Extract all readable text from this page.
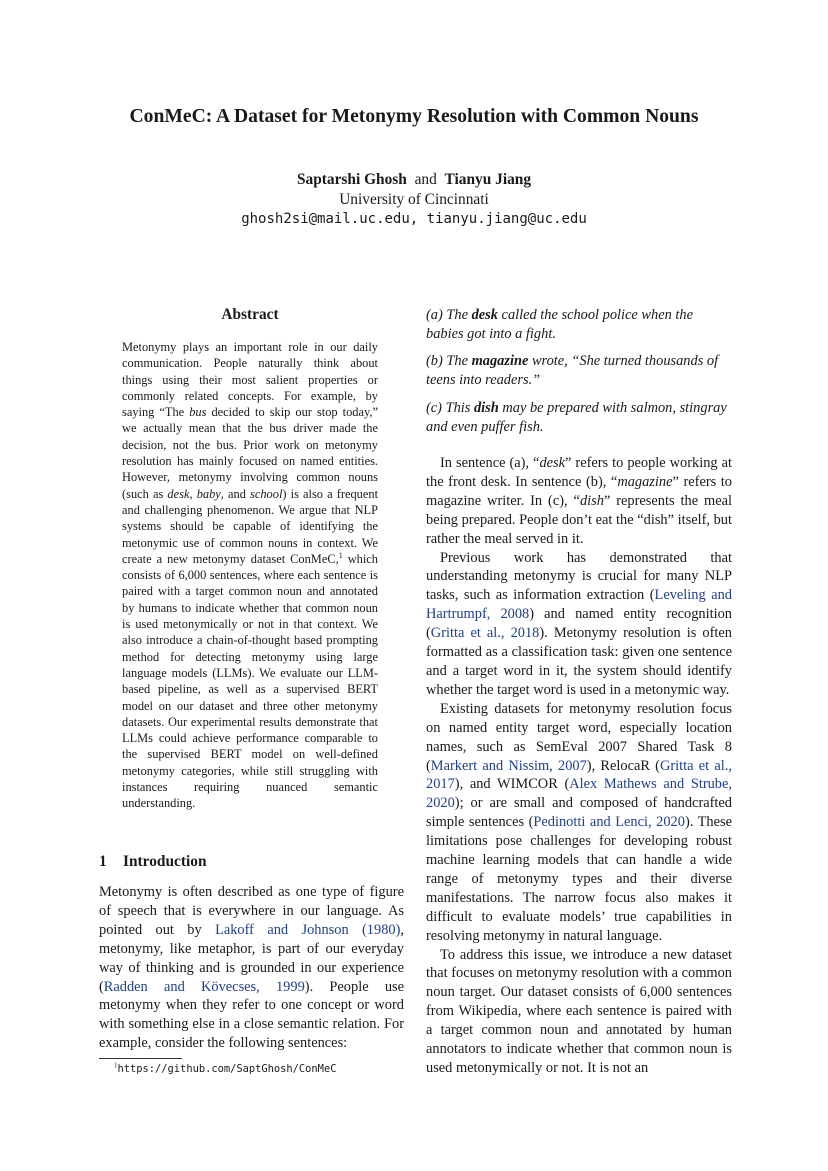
ConMeC: A Dataset for Metonymy Resolution with Common Nouns
Saptarshi Ghosh and Tianyu Jiang
University of Cincinnati
ghosh2si@mail.uc.edu, tianyu.jiang@uc.edu
Abstract
Metonymy plays an important role in our daily communication. People naturally think about things using their most salient properties or commonly related concepts. For example, by saying “The bus decided to skip our stop today,” we actually mean that the bus driver made the decision, not the bus. Prior work on metonymy resolution has mainly focused on named entities. However, metonymy involving common nouns (such as desk, baby, and school) is also a frequent and challenging phenomenon. We argue that NLP systems should be capable of identifying the metonymic use of common nouns in context. We create a new metonymy dataset ConMeC,$^1$ which consists of 6,000 sentences, where each sentence is paired with a target common noun and annotated by humans to indicate whether that common noun is used metonymically or not in that context. We also introduce a chain-of-thought based prompting method for detecting metonymy using large language models (LLMs). We evaluate our LLM-based pipeline, as well as a supervised BERT model on our dataset and three other metonymy datasets. Our experimental results demonstrate that LLMs could achieve performance comparable to the supervised BERT model on well-defined metonymy categories, while still struggling with instances requiring nuanced semantic understanding.
1 Introduction

Metonymy is often described as one type of figure of speech that is everywhere in our language. As pointed out by Lakoff and Johnson (1980), metonymy, like metaphor, is part of our everyday way of thinking and is grounded in our experience (Radden and Kövecses, 1999). People use metonymy when they refer to one concept or word with something else in a close semantic relation. For example, consider the following sentences:

$^1$https://github.com/SaptGhosh/ConMeC
(a) The desk called the school police when the babies got into a fight.
(b) The magazine wrote, “She turned thousands of teens into readers.”
(c) This dish may be prepared with salmon, stingray and even puffer fish.

In sentence (a), “desk” refers to people working at the front desk. In sentence (b), “magazine” refers to magazine writer. In (c), “dish” represents the meal being prepared. People don’t eat the “dish” itself, but rather the meal served in it.

Previous work has demonstrated that understanding metonymy is crucial for many NLP tasks, such as information extraction (Leveling and Hartrumpf, 2008) and named entity recognition (Gritta et al., 2018). Metonymy resolution is often formatted as a classification task: given one sentence and a target word in it, the system should identify whether the target word is used in a metonymic way.

Existing datasets for metonymy resolution focus on named entity target word, especially location names, such as SemEval 2007 Shared Task 8 (Markert and Nissim, 2007), RelocaR (Gritta et al., 2017), and WIMCOR (Alex Mathews and Strube, 2020); or are small and composed of handcrafted simple sentences (Pedinotti and Lenci, 2020). These limitations pose challenges for developing robust machine learning models that can handle a wide range of metonymy types and their diverse manifestations. The narrow focus also makes it difficult to evaluate models’ true capabilities in resolving metonymy in natural language.

To address this issue, we introduce a new dataset that focuses on metonymy resolution with a common noun target. Our dataset consists of 6,000 sentences from Wikipedia, where each sentence is paired with a target common noun and annotated by human annotators to indicate whether that common noun is used metonymically or not. It is not an
